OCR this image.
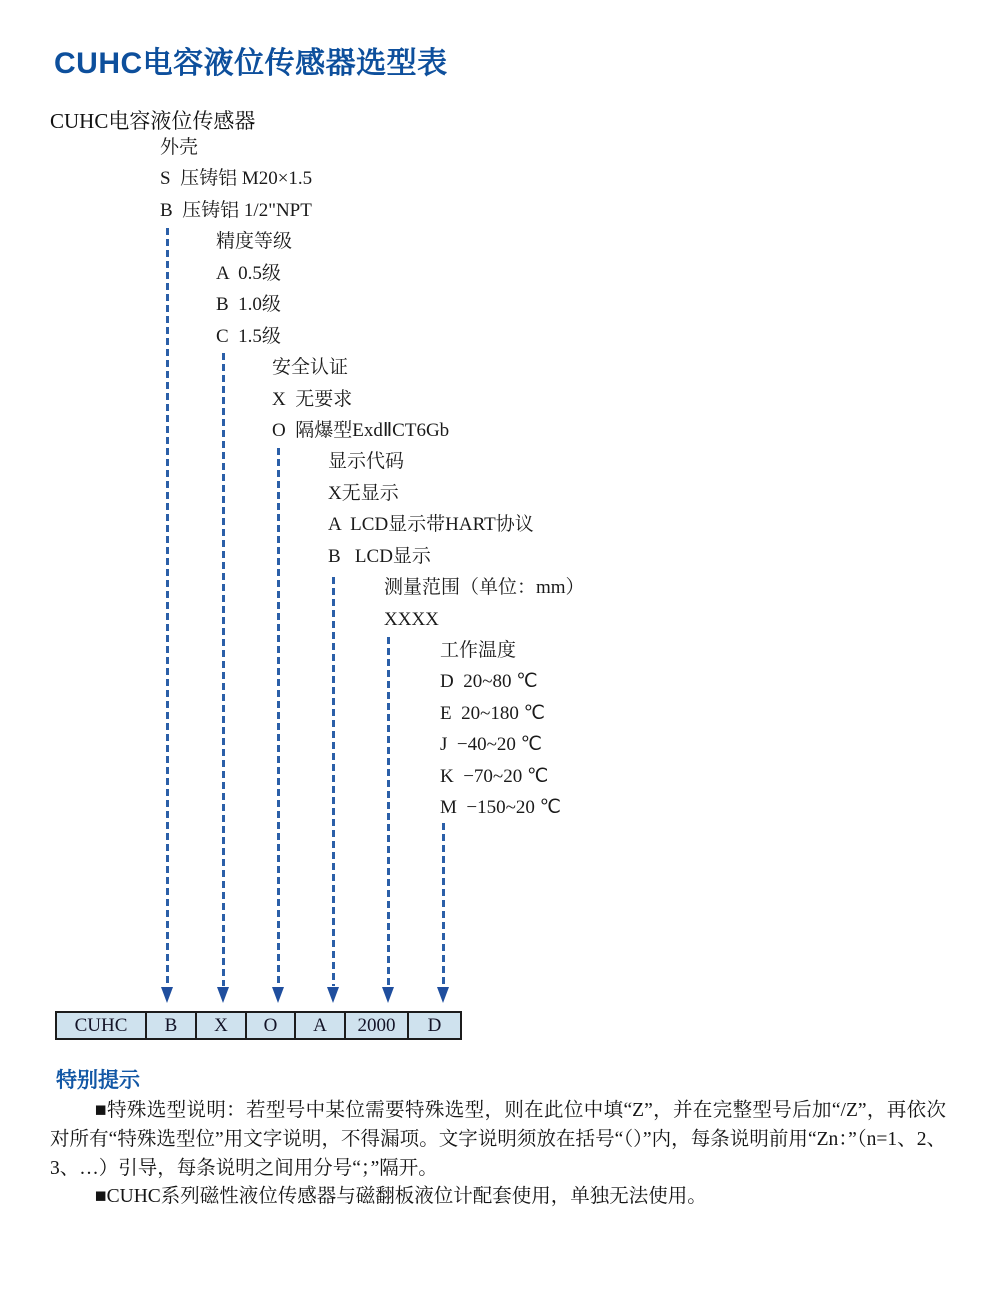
CUHC电容液位传感器选型表
CUHC电容液位传感器
外壳
S  压铸铝 M20×1.5
B  压铸铝 1/2"NPT
精度等级
A  0.5级
B  1.0级
C  1.5级
安全认证
X  无要求
O  隔爆型ExdⅡCT6Gb
显示代码
X无显示
A  LCD显示带HART协议
B   LCD显示
测量范围（单位：mm）
XXXX
工作温度
D  20~80 ℃
E  20~180 ℃
J  −40~20 ℃
K  −70~20 ℃
M  −150~20 ℃
CUHC	B	X	O	A	2000	D
特别提示

■特殊选型说明：若型号中某位需要特殊选型，则在此位中填“Z”，并在完整型号后加“/Z”，再依次对所有“特殊选型位”用文字说明，不得漏项。文字说明须放在括号“（）”内，每条说明前用“Zn：”（n=1、2、3、…）引导，每条说明之间用分号“；”隔开。

■CUHC系列磁性液位传感器与磁翻板液位计配套使用，单独无法使用。
